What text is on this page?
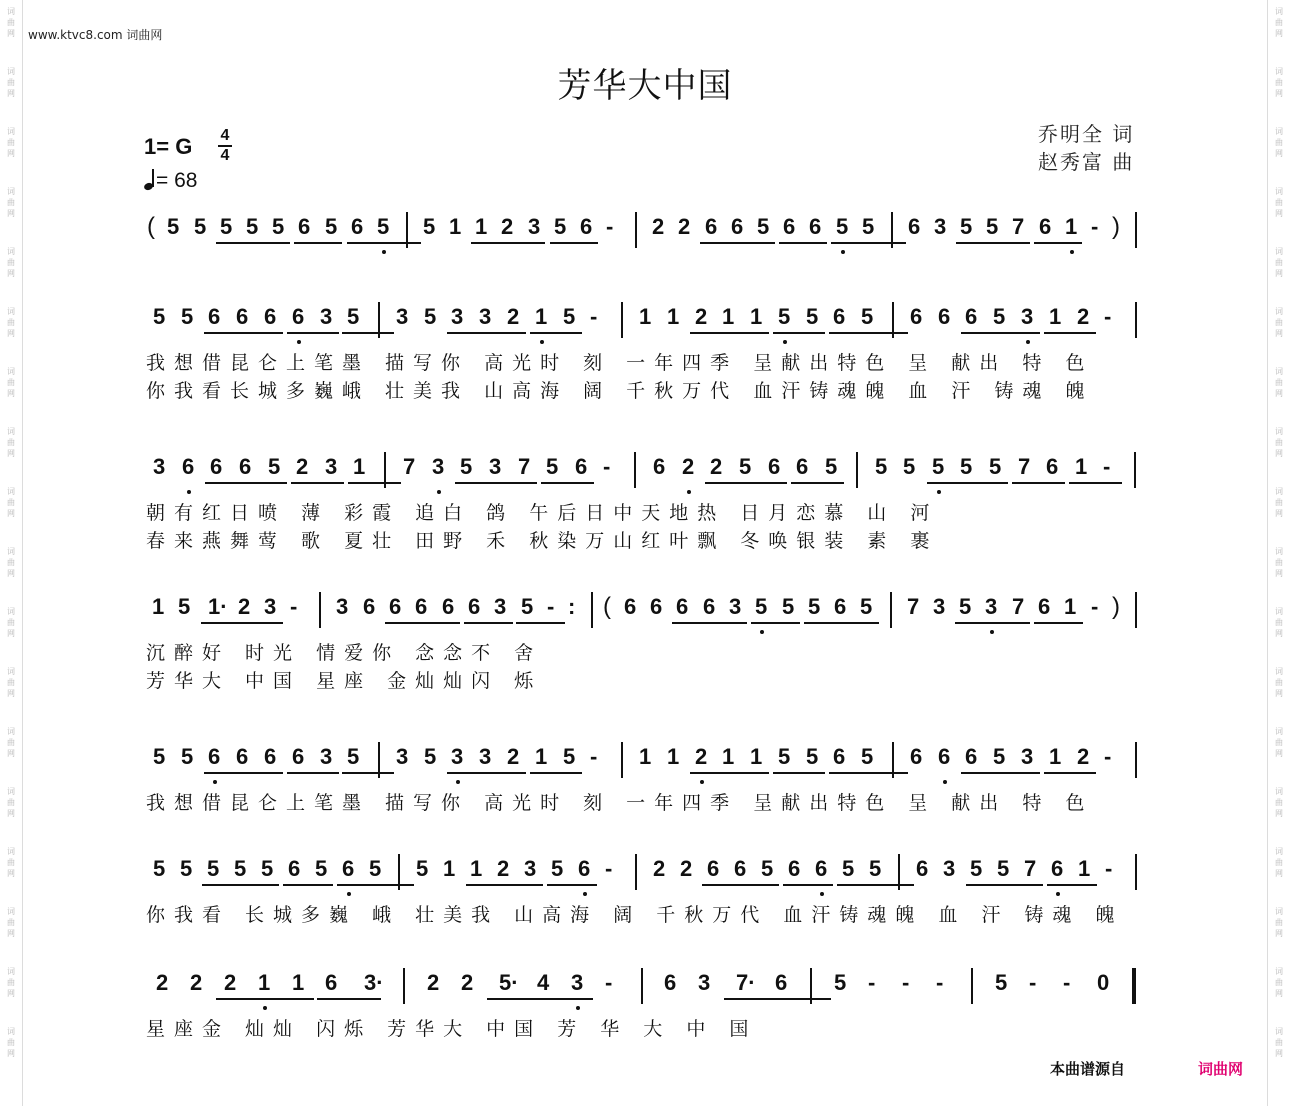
词
曲
网
词
曲
网
词
曲
网
词
曲
网
词
曲
网
词
曲
网
词
曲
网
词
曲
网
词
曲
网
词
曲
网
词
曲
网
词
曲
网
词
曲
网
词
曲
网
词
曲
网
词
曲
网
词
曲
网
词
曲
网
词
曲
网
词
曲
网
词
曲
网
词
曲
网
词
曲
网
词
曲
网
词
曲
网
词
曲
网
词
曲
网
词
曲
网
词
曲
网
词
曲
网
词
曲
网
词
曲
网
词
曲
网
词
曲
网
词
曲
网
词
曲
网
www.ktvc8.com 词曲网
芳华大中国
乔明全 词
赵秀富 曲
1= G 4
4
= 68
( 5 5 5 5 5 6 5 6 5 5 1 1 2 3 5 6 - 2 2 6 6 5 6 6 5 5 6 3 5 5 7 6 1 - )
5 5 6 6 6 6 3 5 3 5 3 3 2 1 5 - 1 1 2 1 1 5 5 6 5 6 6 6 5 3 1 2 -
3 6 6 6 5 2 3 1 7 3 5 3 7 5 6 - 6 2 2 5 6 6 5 5 5 5 5 5 7 6 1 -
1 5 1· 2 3 - 3 6 6 6 6 6 3 5 - : ( 6 6 6 6 3 5 5 5 6 5 7 3 5 3 7 6 1 - )
5 5 6 6 6 6 3 5 3 5 3 3 2 1 5 - 1 1 2 1 1 5 5 6 5 6 6 6 5 3 1 2 -
5 5 5 5 5 6 5 6 5 5 1 1 2 3 5 6 - 2 2 6 6 5 6 6 5 5 6 3 5 5 7 6 1 -
2 2 2 1 1 6 3· 2 2 5· 4 3 - 6 3 7· 6 5 - - - 5 - - 0
本曲谱源自	词曲网
我想借昆仑上笔墨 描写你 高光时 刻 一年四季 呈献出特色 呈 献出 特 色
你我看长城多巍峨 壮美我 山高海 阔 千秋万代 血汗铸魂魄 血 汗 铸魂 魄
朝有红日喷 薄 彩霞 追白 鸽 午后日中天地热 日月恋慕 山 河
春来燕舞莺 歌 夏壮 田野 禾 秋染万山红叶飘 冬唤银装 素 裹
沉醉好 时光 情爱你 念念不 舍
芳华大 中国 星座 金灿灿闪 烁
我想借昆仑上笔墨 描写你 高光时 刻 一年四季 呈献出特色 呈 献出 特 色
你我看 长城多巍 峨 壮美我 山高海 阔 千秋万代 血汗铸魂魄 血 汗 铸魂 魄
星座金 灿灿 闪烁 芳华大 中国 芳 华 大 中 国
